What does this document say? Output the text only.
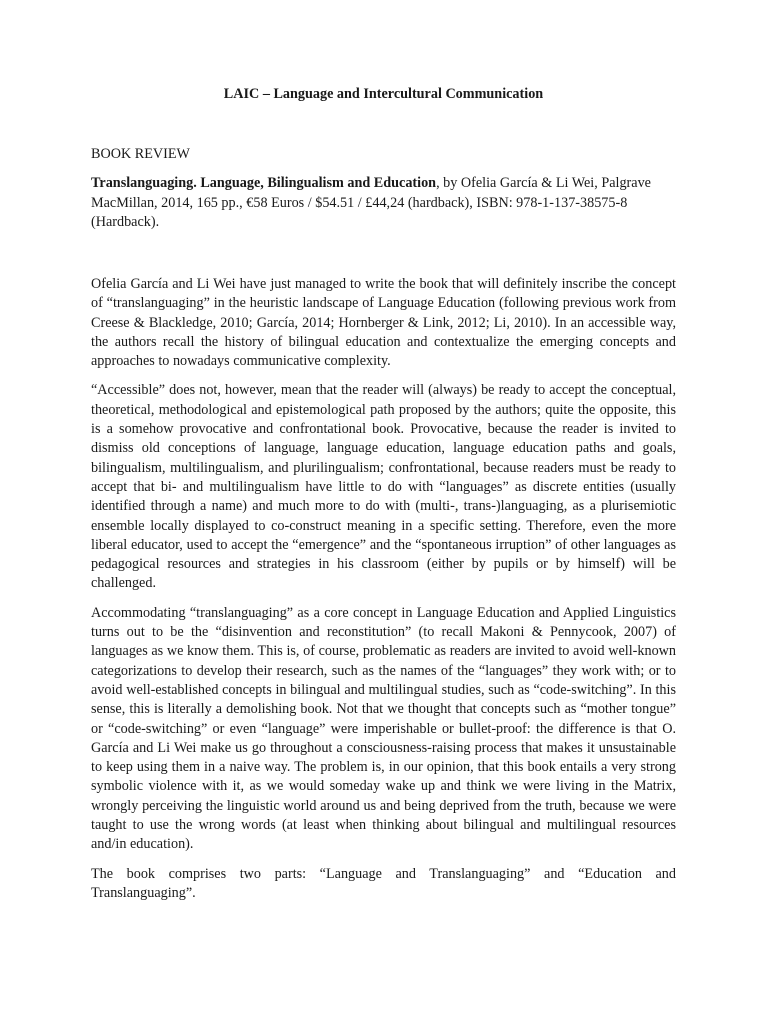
LAIC – Language and Intercultural Communication
BOOK REVIEW

Translanguaging. Language, Bilingualism and Education, by Ofelia García & Li Wei, Palgrave MacMillan, 2014, 165 pp., €58 Euros / $54.51 / £44,24 (hardback), ISBN: 978-1-137-38575-8 (Hardback).

Ofelia García and Li Wei have just managed to write the book that will definitely inscribe the concept of “translanguaging” in the heuristic landscape of Language Education (following previous work from Creese & Blackledge, 2010; García, 2014; Hornberger & Link, 2012; Li, 2010). In an accessible way, the authors recall the history of bilingual education and contextualize the emerging concepts and approaches to nowadays communicative complexity.

“Accessible” does not, however, mean that the reader will (always) be ready to accept the conceptual, theoretical, methodological and epistemological path proposed by the authors; quite the opposite, this is a somehow provocative and confrontational book. Provocative, because the reader is invited to dismiss old conceptions of language, language education, language education paths and goals, bilingualism, multilingualism, and plurilingualism; confrontational, because readers must be ready to accept that bi- and multilingualism have little to do with “languages” as discrete entities (usually identified through a name) and much more to do with (multi-, trans-)languaging, as a plurisemiotic ensemble locally displayed to co-construct meaning in a specific setting. Therefore, even the more liberal educator, used to accept the “emergence” and the “spontaneous irruption” of other languages as pedagogical resources and strategies in his classroom (either by pupils or by himself) will be challenged.

Accommodating “translanguaging” as a core concept in Language Education and Applied Linguistics turns out to be the “disinvention and reconstitution” (to recall Makoni & Pennycook, 2007) of languages as we know them. This is, of course, problematic as readers are invited to avoid well-known categorizations to develop their research, such as the names of the “languages” they work with; or to avoid well-established concepts in bilingual and multilingual studies, such as “code-switching”. In this sense, this is literally a demolishing book. Not that we thought that concepts such as “mother tongue” or “code-switching” or even “language” were imperishable or bullet-proof: the difference is that O. García and Li Wei make us go throughout a consciousness-raising process that makes it unsustainable to keep using them in a naive way. The problem is, in our opinion, that this book entails a very strong symbolic violence with it, as we would someday wake up and think we were living in the Matrix, wrongly perceiving the linguistic world around us and being deprived from the truth, because we were taught to use the wrong words (at least when thinking about bilingual and multilingual resources and/in education).

The book comprises two parts: “Language and Translanguaging” and “Education and Translanguaging”.
